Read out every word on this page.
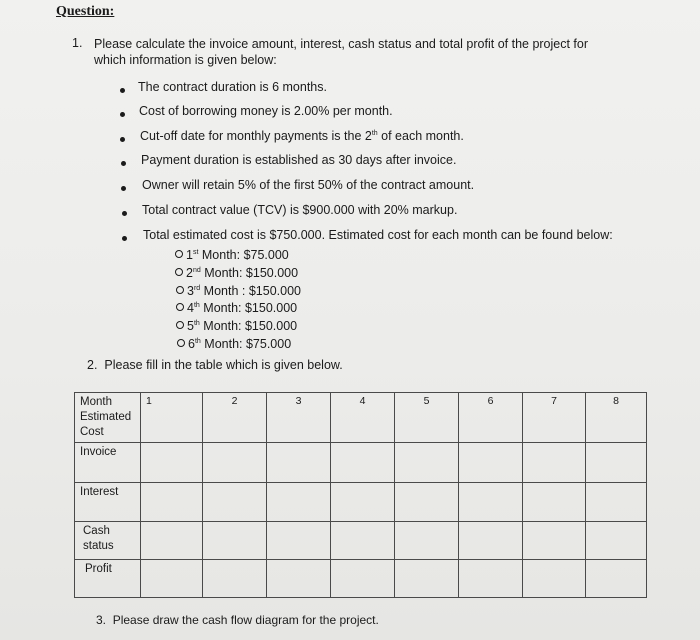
Question:
1. Please calculate the invoice amount, interest, cash status and total profit of the project for which information is given below:
The contract duration is 6 months.
Cost of borrowing money is 2.00% per month.
Cut-off date for monthly payments is the 2th of each month.
Payment duration is established as 30 days after invoice.
Owner will retain 5% of the first 50% of the contract amount.
Total contract value (TCV) is $900.000 with 20% markup.
Total estimated cost is $750.000. Estimated cost for each month can be found below:
1st Month: $75.000
2nd Month: $150.000
3rd Month : $150.000
4th Month: $150.000
5th Month: $150.000
6th Month: $75.000
2. Please fill in the table which is given below.
Month
Estimated Cost	1	2	3	4	5	6	7	8

Invoice								

Interest								

Cash status								

Profit								

3. Please draw the cash flow diagram for the project.
